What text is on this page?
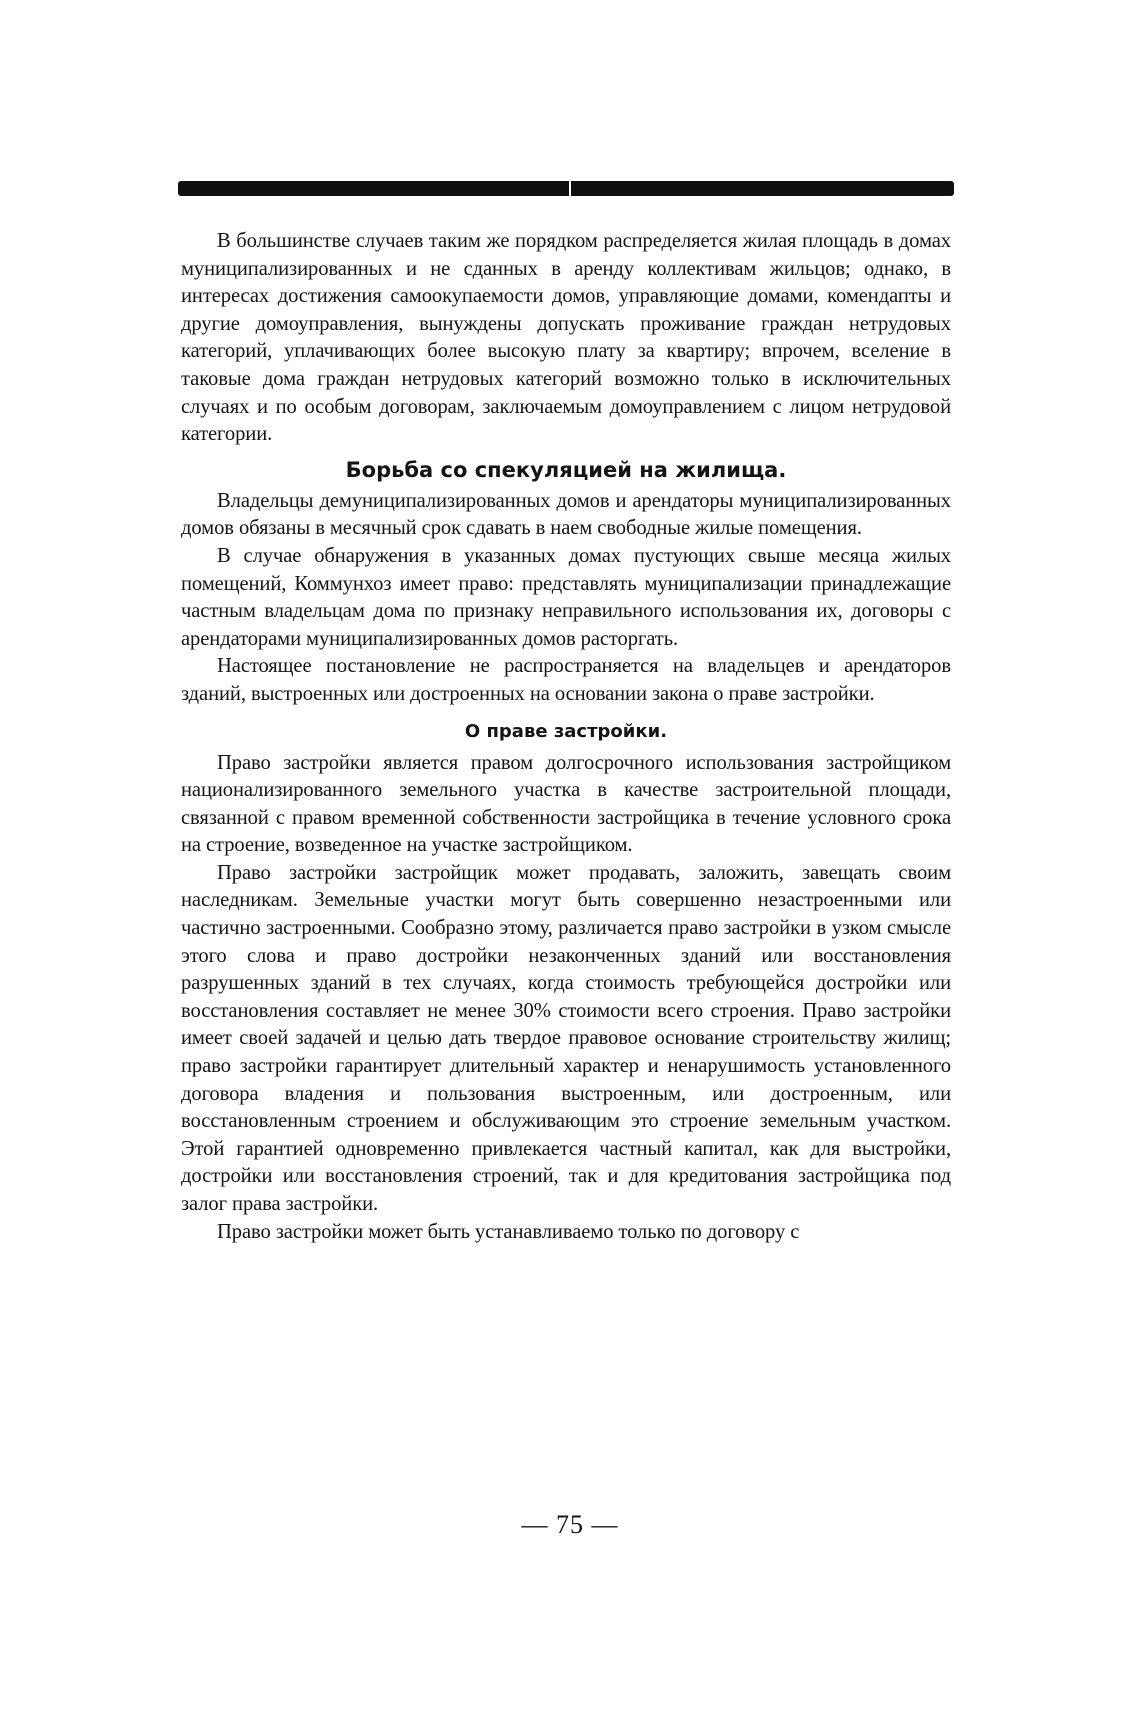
В большинстве случаев таким же порядком распределяется жилая площадь в домах муниципализированных и не сданных в аренду коллективам жильцов; однако, в интересах достижения самоокупаемости домов, управляющие домами, комендапты и другие домоуправления, вынуждены допускать проживание граждан нетрудовых категорий, уплачивающих более высокую плату за квартиру; впрочем, вселение в таковые дома граждан нетрудовых категорий возможно только в исключительных случаях и по особым договорам, заключаемым домоуправлением с лицом нетрудовой категории.

Борьба со спекуляцией на жилища.

Владельцы демуниципализированных домов и арендаторы муниципализированных домов обязаны в месячный срок сдавать в наем свободные жилые помещения.

В случае обнаружения в указанных домах пустующих свыше месяца жилых помещений, Коммунхоз имеет право: представлять муниципализации принадлежащие частным владельцам дома по признаку неправильного использования их, договоры с арендаторами муниципализированных домов расторгать.

Настоящее постановление не распространяется на владельцев и арендаторов зданий, выстроенных или достроенных на основании закона о праве застройки.

О праве застройки.

Право застройки является правом долгосрочного использования застройщиком национализированного земельного участка в качестве застроительной площади, связанной с правом временной собственности застройщика в течение условного срока на строение, возведенное на участке застройщиком.

Право застройки застройщик может продавать, заложить, завещать своим наследникам. Земельные участки могут быть совершенно незастроенными или частично застроенными. Сообразно этому, различается право застройки в узком смысле этого слова и право достройки незаконченных зданий или восстановления разрушенных зданий в тех случаях, когда стоимость требующейся достройки или восстановления составляет не менее 30% стоимости всего строения. Право застройки имеет своей задачей и целью дать твердое правовое основание строительству жилищ; право застройки гарантирует длительный характер и ненарушимость установленного договора владения и пользования выстроенным, или достроенным, или восстановленным строением и обслуживающим это строение земельным участком. Этой гарантией одновременно привлекается частный капитал, как для выстройки, достройки или восстановления строений, так и для кредитования застройщика под залог права застройки.

Право застройки может быть устанавливаемо только по договору с

— 75 —
